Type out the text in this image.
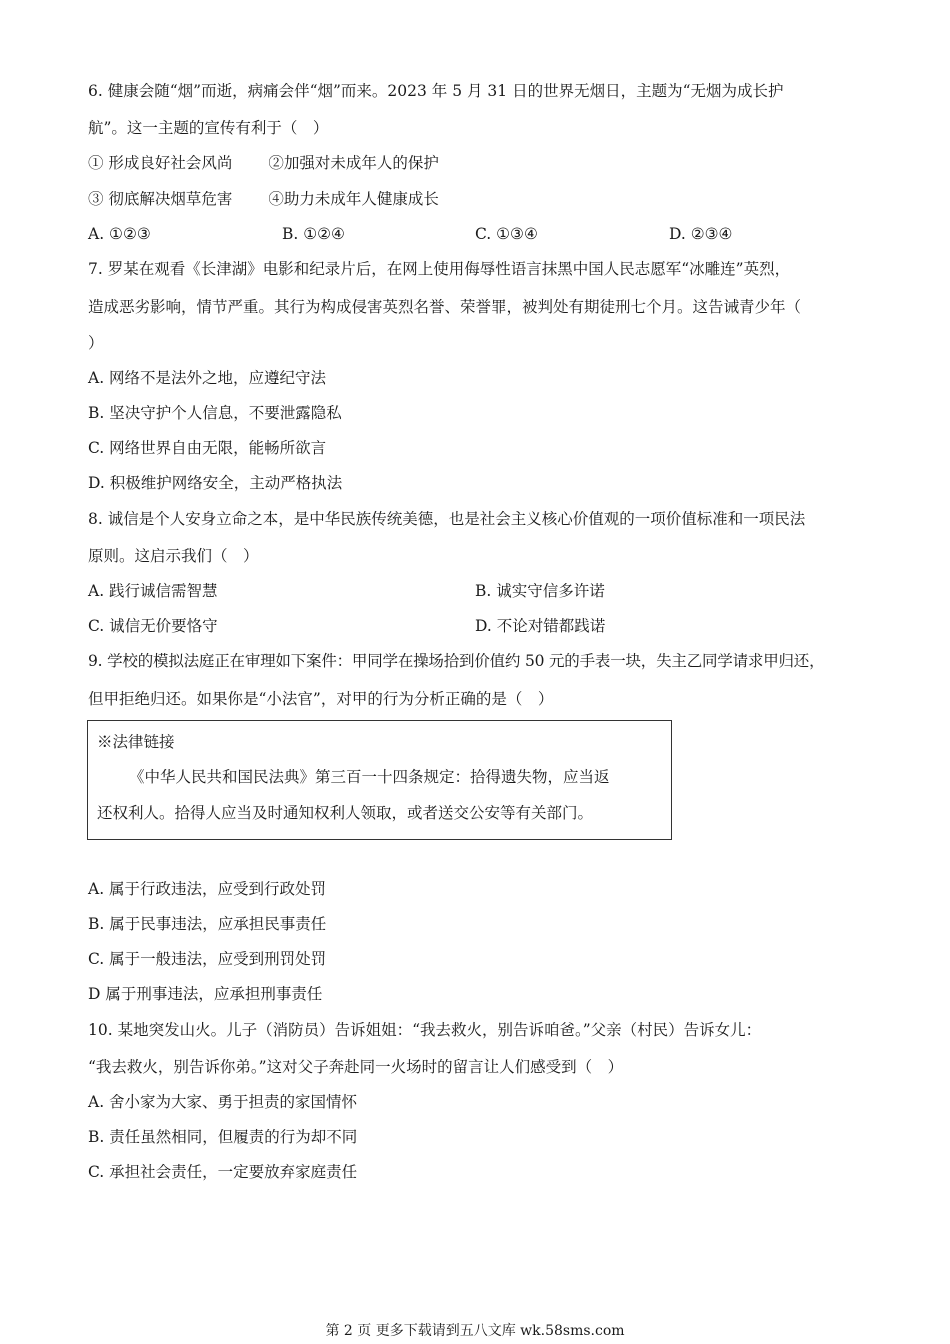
6. 健康会随“烟”而逝，病痛会伴“烟”而来。2023 年 5 月 31 日的世界无烟日，主题为“无烟为成长护
航”。这一主题的宣传有利于（　）
① 形成良好社会风尚　　 ②加强对未成年人的保护
③ 彻底解决烟草危害　　 ④助力未成年人健康成长
A. ①②③	B. ①②④	C. ①③④	D. ②③④
7. 罗某在观看《长津湖》电影和纪录片后，在网上使用侮辱性语言抹黑中国人民志愿军“冰雕连”英烈，
造成恶劣影响，情节严重。其行为构成侵害英烈名誉、荣誉罪，被判处有期徒刑七个月。这告诫青少年（
）
A. 网络不是法外之地，应遵纪守法
B. 坚决守护个人信息，不要泄露隐私
C. 网络世界自由无限，能畅所欲言
D. 积极维护网络安全，主动严格执法
8. 诚信是个人安身立命之本，是中华民族传统美德，也是社会主义核心价值观的一项价值标准和一项民法
原则。这启示我们（　）
A. 践行诚信需智慧	B. 诚实守信多许诺
C. 诚信无价要恪守	D. 不论对错都践诺
9. 学校的模拟法庭正在审理如下案件：甲同学在操场拾到价值约 50 元的手表一块，失主乙同学请求甲归还，
但甲拒绝归还。如果你是“小法官”，对甲的行为分析正确的是（　）
※法律链接
《中华人民共和国民法典》第三百一十四条规定：拾得遗失物，应当返
还权利人。拾得人应当及时通知权利人领取，或者送交公安等有关部门。
A. 属于行政违法，应受到行政处罚
B. 属于民事违法，应承担民事责任
C. 属于一般违法，应受到刑罚处罚
D 属于刑事违法，应承担刑事责任
10. 某地突发山火。儿子（消防员）告诉姐姐：“我去救火，别告诉咱爸。”父亲（村民）告诉女儿：
“我去救火，别告诉你弟。”这对父子奔赴同一火场时的留言让人们感受到（　）
A. 舍小家为大家、勇于担责的家国情怀
B. 责任虽然相同，但履责的行为却不同
C. 承担社会责任，一定要放弃家庭责任
第 2 页 更多下载请到五八文库 wk.58sms.com
